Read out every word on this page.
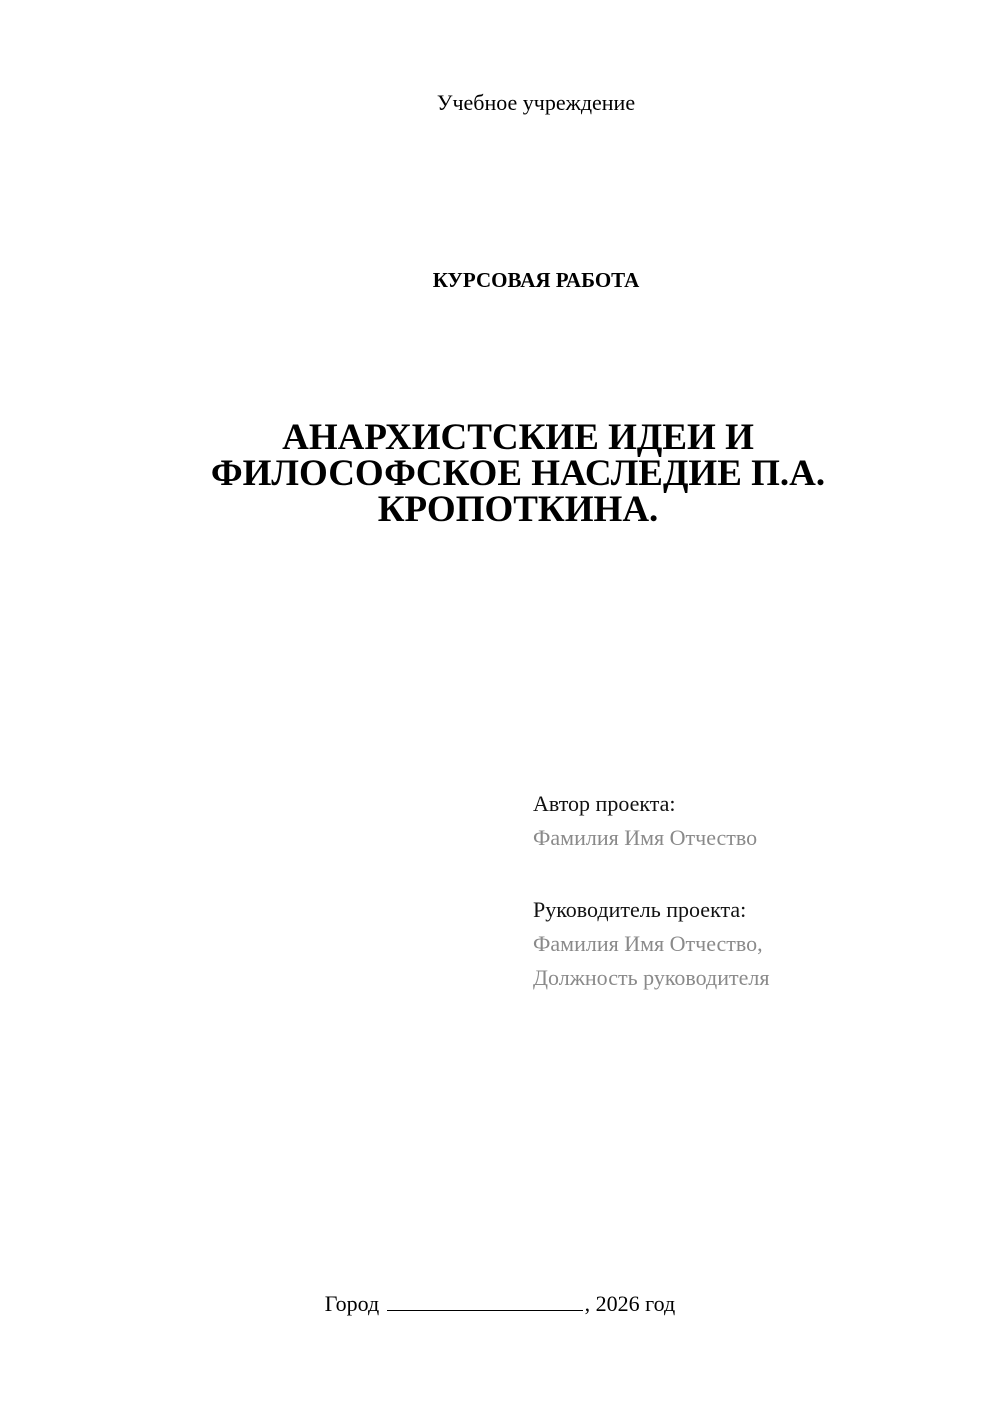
Учебное учреждение
КУРСОВАЯ РАБОТА
АНАРХИСТСКИЕ ИДЕИ И
ФИЛОСОФСКОЕ НАСЛЕДИЕ П.А.
КРОПОТКИНА.
Автор проекта:
Фамилия Имя Отчество
Руководитель проекта:
Фамилия Имя Отчество,
Должность руководителя
Город	, 2026 год
